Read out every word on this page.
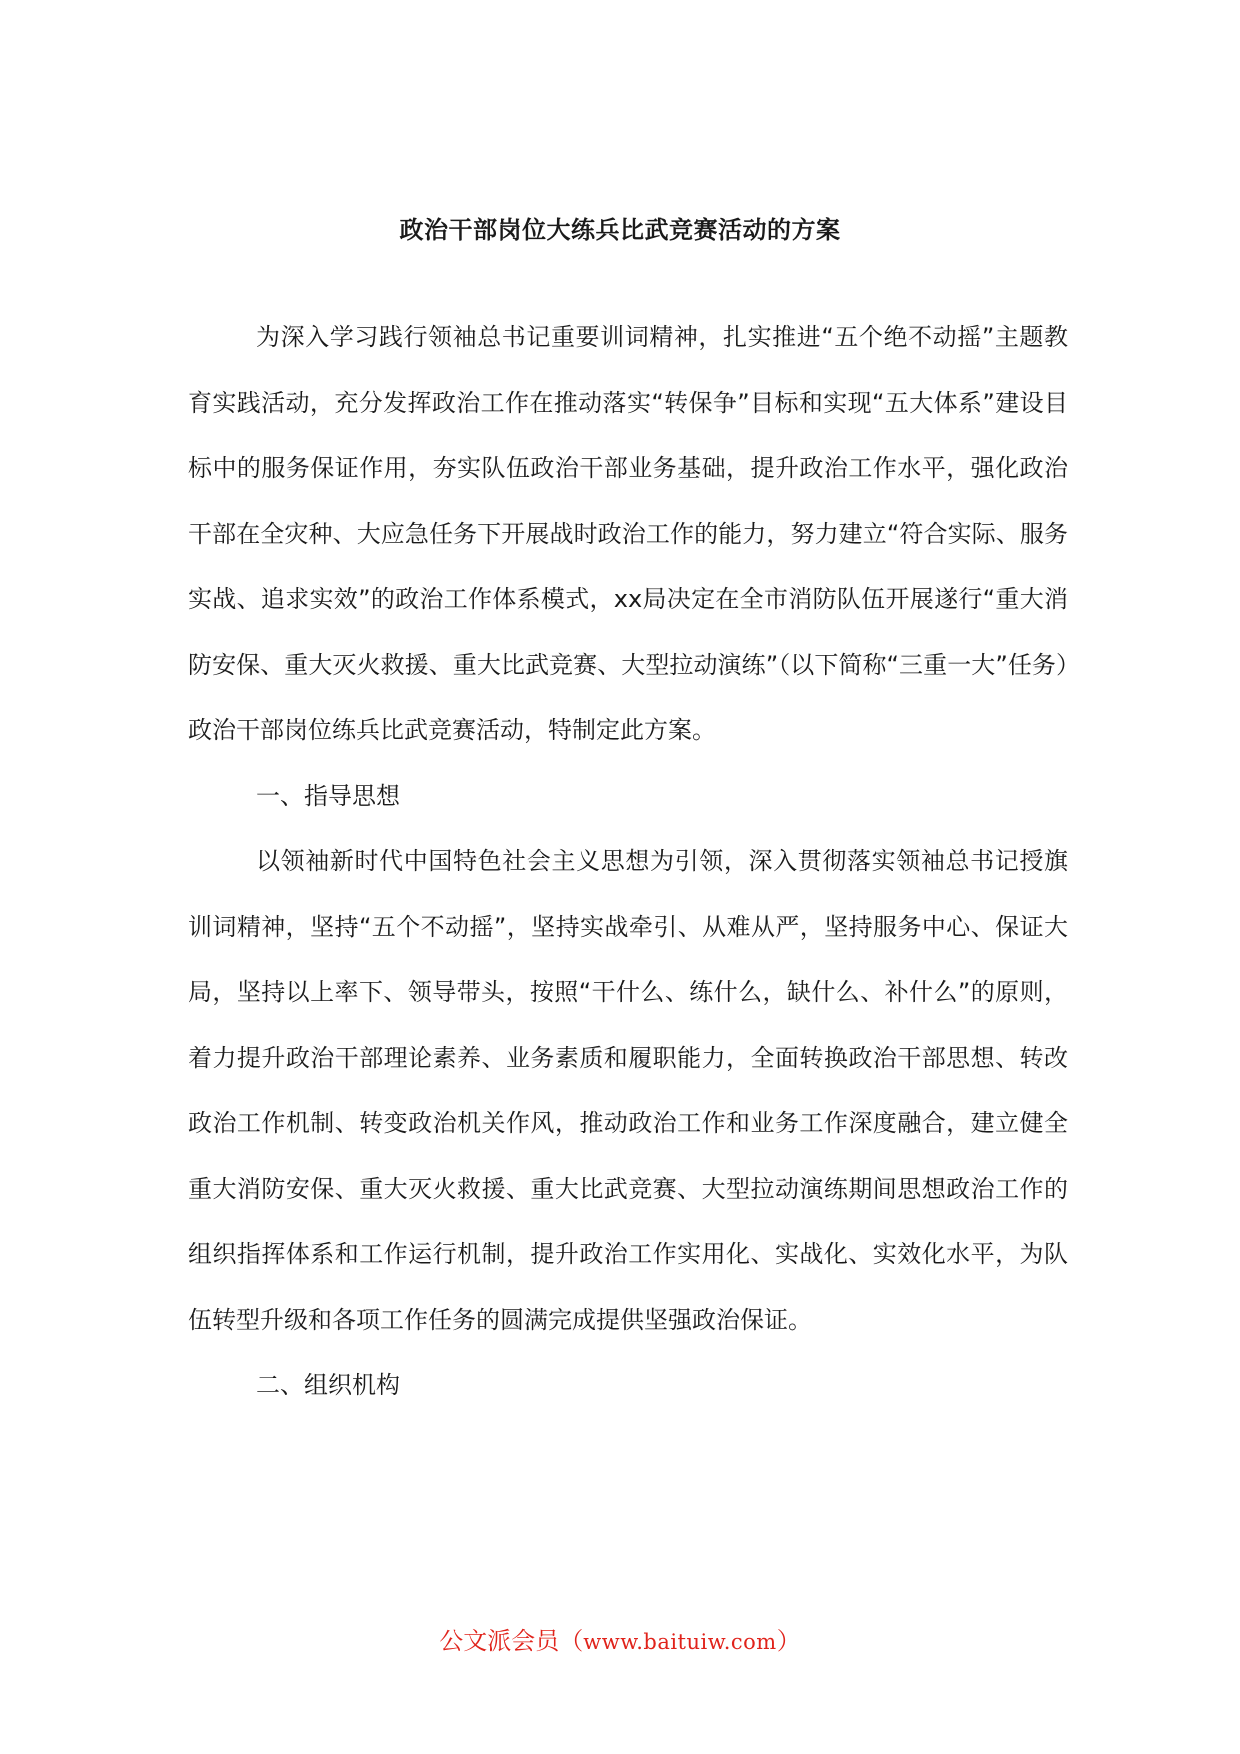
政治干部岗位大练兵比武竞赛活动的方案

为深入学习践行领袖总书记重要训词精神，扎实推进“五个绝不动摇”主题教育实践活动，充分发挥政治工作在推动落实“转保争”目标和实现“五大体系”建设目标中的服务保证作用，夯实队伍政治干部业务基础，提升政治工作水平，强化政治干部在全灾种、大应急任务下开展战时政治工作的能力，努力建立“符合实际、服务实战、追求实效”的政治工作体系模式，xx局决定在全市消防队伍开展遂行“重大消防安保、重大灭火救援、重大比武竞赛、大型拉动演练”（以下简称“三重一大”任务）政治干部岗位练兵比武竞赛活动，特制定此方案。

一、指导思想

以领袖新时代中国特色社会主义思想为引领，深入贯彻落实领袖总书记授旗训词精神，坚持“五个不动摇”，坚持实战牵引、从难从严，坚持服务中心、保证大局，坚持以上率下、领导带头，按照“干什么、练什么，缺什么、补什么”的原则，着力提升政治干部理论素养、业务素质和履职能力，全面转换政治干部思想、转改政治工作机制、转变政治机关作风，推动政治工作和业务工作深度融合，建立健全重大消防安保、重大灭火救援、重大比武竞赛、大型拉动演练期间思想政治工作的组织指挥体系和工作运行机制，提升政治工作实用化、实战化、实效化水平，为队伍转型升级和各项工作任务的圆满完成提供坚强政治保证。

二、组织机构

公文派会员（www.baituiw.com）
